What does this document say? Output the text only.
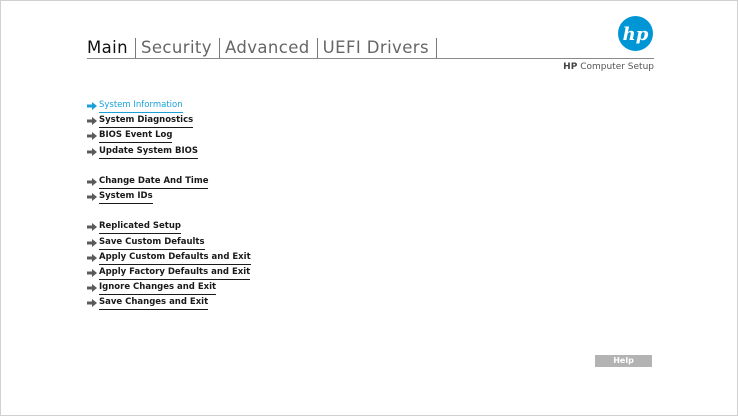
Main Security Advanced UEFI Drivers
hp
HP Computer Setup
System Information
System Diagnostics
BIOS Event Log
Update System BIOS
Change Date And Time
System IDs
Replicated Setup
Save Custom Defaults
Apply Custom Defaults and Exit
Apply Factory Defaults and Exit
Ignore Changes and Exit
Save Changes and Exit
Help
